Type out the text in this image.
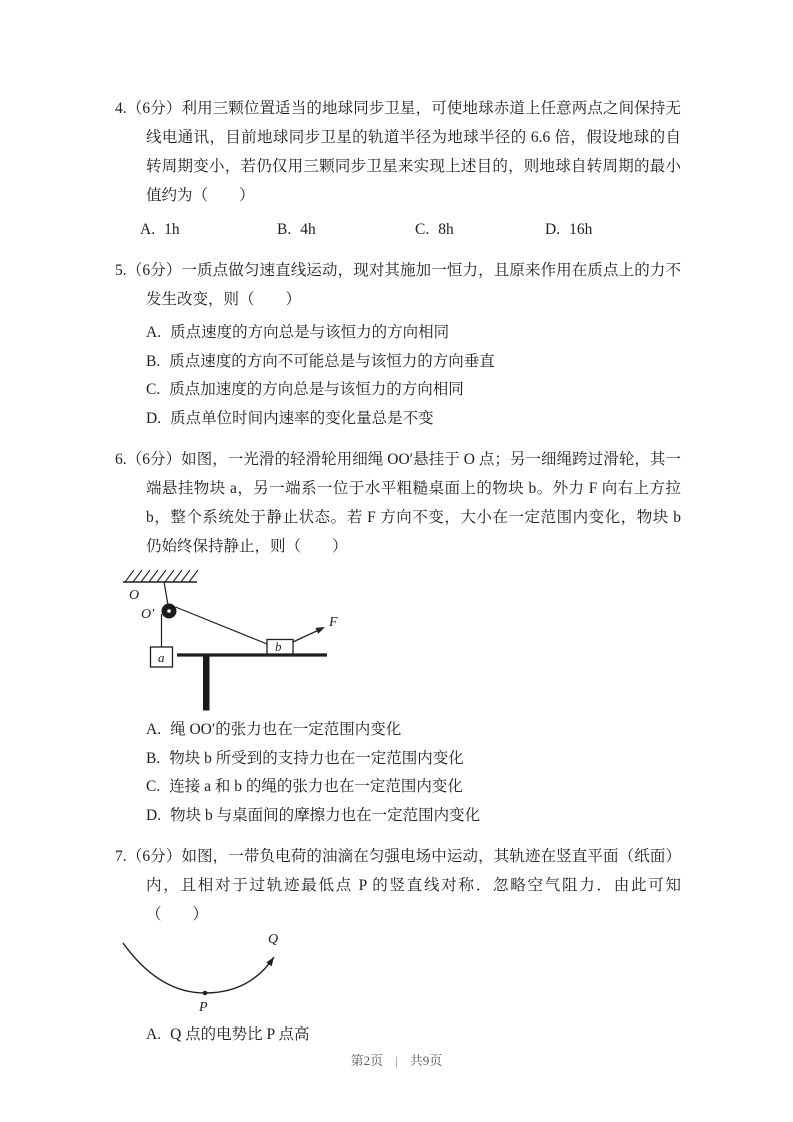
4.（6分）利用三颗位置适当的地球同步卫星，可使地球赤道上任意两点之间保持无线电通讯，目前地球同步卫星的轨道半径为地球半径的 6.6 倍，假设地球的自转周期变小，若仍仅用三颗同步卫星来实现上述目的，则地球自转周期的最小值约为（　　）

A. 1h	B. 4h	C. 8h	D. 16h

5.（6分）一质点做匀速直线运动，现对其施加一恒力，且原来作用在质点上的力不发生改变，则（　　）

A. 质点速度的方向总是与该恒力的方向相同
B. 质点速度的方向不可能总是与该恒力的方向垂直
C. 质点加速度的方向总是与该恒力的方向相同
D. 质点单位时间内速率的变化量总是不变

6.（6分）如图，一光滑的轻滑轮用细绳 OO′悬挂于 O 点；另一细绳跨过滑轮，其一端悬挂物块 a，另一端系一位于水平粗糙桌面上的物块 b。外力 F 向右上方拉 b，整个系统处于静止状态。若 F 方向不变，大小在一定范围内变化，物块 b 仍始终保持静止，则（　　）

O
O′
a
b
F
A. 绳 OO′的张力也在一定范围内变化
B. 物块 b 所受到的支持力也在一定范围内变化
C. 连接 a 和 b 的绳的张力也在一定范围内变化
D. 物块 b 与桌面间的摩擦力也在一定范围内变化

7.（6分）如图，一带负电荷的油滴在匀强电场中运动，其轨迹在竖直平面（纸面）内，且相对于过轨迹最低点 P 的竖直线对称．忽略空气阻力．由此可知（　　）

P
Q
A. Q 点的电势比 P 点高
第2页 | 共9页
